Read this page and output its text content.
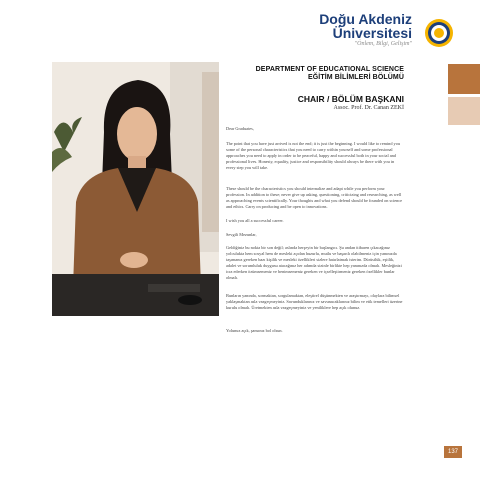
Doğu Akdeniz
Üniversitesi
"Önlem, Bilgi, Gelişim"
DEPARTMENT OF EDUCATIONAL SCIENCE
EĞİTİM BİLİMLERİ BÖLÜMÜ
CHAIR / BÖLÜM BAŞKANI
Assoc. Prof. Dr. Canan ZEKİ

Dear Graduates,

The point that you have just arrived is not the end; it is just the beginning. I would like to remind you some of the personal characteristics that you need to carry within yourself and some professional approaches you need to apply in order to be peaceful, happy and successful both in your social and professional lives. Honesty, equality, justice and responsibility should always be there with you in every step you will take.

These should be the characteristics you should internalize and adapt while you perform your profession. In addition to these; never give up asking, questioning, criticizing and researching, as well as approaching events scientifically. Your thoughts and what you defend should be founded on science and ethics. Carry on producing and be open to innovations.

I wish you all a successful career.

Sevgili Mezunlar,

Geldiğiniz bu nokta bir son değil; aslında herşeyin bir başlangıcı. Şu andan itibaren çıkacağınız yolculukta hem sosyal hem de mesleki açıdan huzurlu, mutlu ve başarılı olabilmeniz için yanınızda taşımanız gereken bazı kişilik ve mesleki özellikleri sizlere hatırlatmak isterim. Dürüstlük, eşitlik, adalet ve sorumluluk duygusu atacağınız her adımda sizinle birlikte hep yanınızda olmalı. Mesleğinizi icra ederken özümsemeniz ve benimsemeniz gereken ve içselleştirmeniz gereken özellikler bunlar olmalı.

Bunların yanında, sormaktan, sorgulamaktan, eleştirel düşünmekten ve araştırmayı, olaylara bilimsel yaklaşmaktan asla vazgeçmeyiniz. Savunduklarınız ve savunacaklarınız bilim ve etik temelleri üzerine kurulu olmalı. Üretmekten asla vazgeçmeyiniz ve yeniliklere hep açık olunuz.

Yolunuz açık, şansınız bol olsun.

137
